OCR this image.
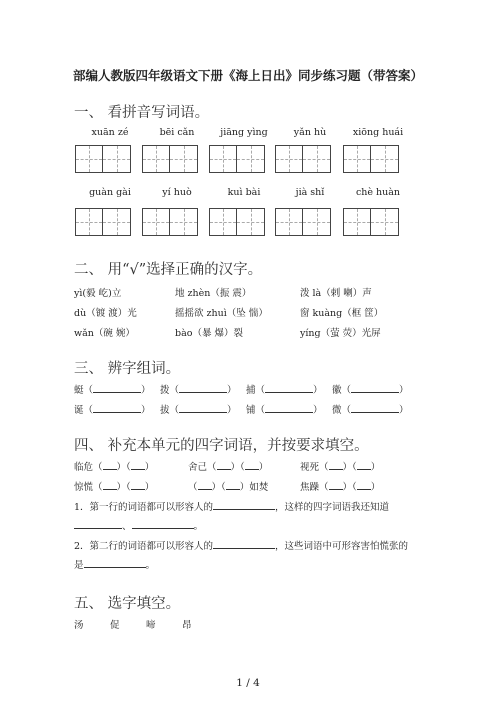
部编人教版四年级语文下册《海上日出》同步练习题（带答案）
一、 看拼音写词语。
xuān zé	bēi cǎn	jiāng yìng	yǎn hù	xiōng huái
guàn gài	yí huò	kuì bài	jià shǐ	chè huàn
二、 用“√”选择正确的汉字。
yì(毅 屹)立	地 zhèn（振 震）	泼 là（剌 喇）声
dù（镀 渡）光	摇摇欲 zhuì（坠 惴）	窗 kuàng（框 筐）
wǎn（碗 婉）	bào（暴 爆）裂	yíng（萤 荧）光屏
三、 辨字组词。
蜓（	） 拨（	） 捕（	） 徽（	）
诞（	） 拔（	） 铺（	） 微（	）
四、 补充本单元的四字词语，并按要求填空。
临危（ ）（ ）	舍己（ ）（ ）	视死（ ）（ ）
惊慌（ ）（ ）	（ ）（ ）如焚	焦躁（ ）（ ）
1．第一行的词语都可以形容人的	，这样的四字词语我还知道
、	。
2．第二行的词语都可以形容人的	，这些词语中可形容害怕慌张的
是	。
五、 选字填空。
汤	促	啼	昂
1 / 4
